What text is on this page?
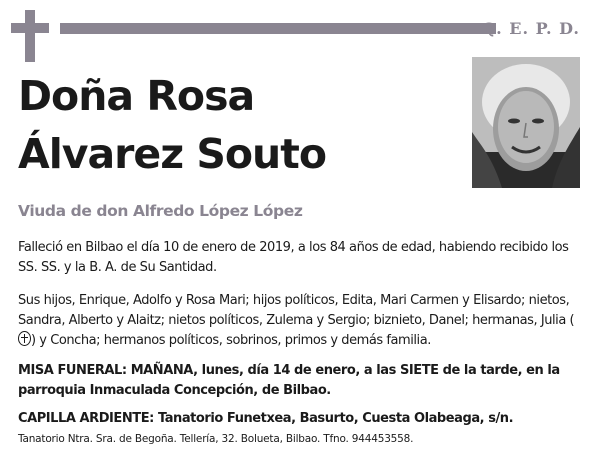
Q. E. P. D.
Doña Rosa
Álvarez Souto
Viuda de don Alfredo López López
Falleció en Bilbao el día 10 de enero de 2019, a los 84 años de edad, habiendo recibido los SS. SS. y la B. A. de Su Santidad.
Sus hijos, Enrique, Adolfo y Rosa Mari; hijos políticos, Edita, Mari Carmen y Elisardo; nietos, Sandra, Alberto y Alaitz; nietos políticos, Zulema y Sergio; biznieto, Danel; hermanas, Julia () y Concha; hermanos políticos, sobrinos, primos y demás familia.
MISA FUNERAL: MAÑANA, lunes, día 14 de enero, a las SIETE de la tarde, en la parroquia Inmaculada Concepción, de Bilbao.
CAPILLA ARDIENTE: Tanatorio Funetxea, Basurto, Cuesta Olabeaga, s/n.
Tanatorio Ntra. Sra. de Begoña. Tellería, 32. Bolueta, Bilbao. Tfno. 944453558.
